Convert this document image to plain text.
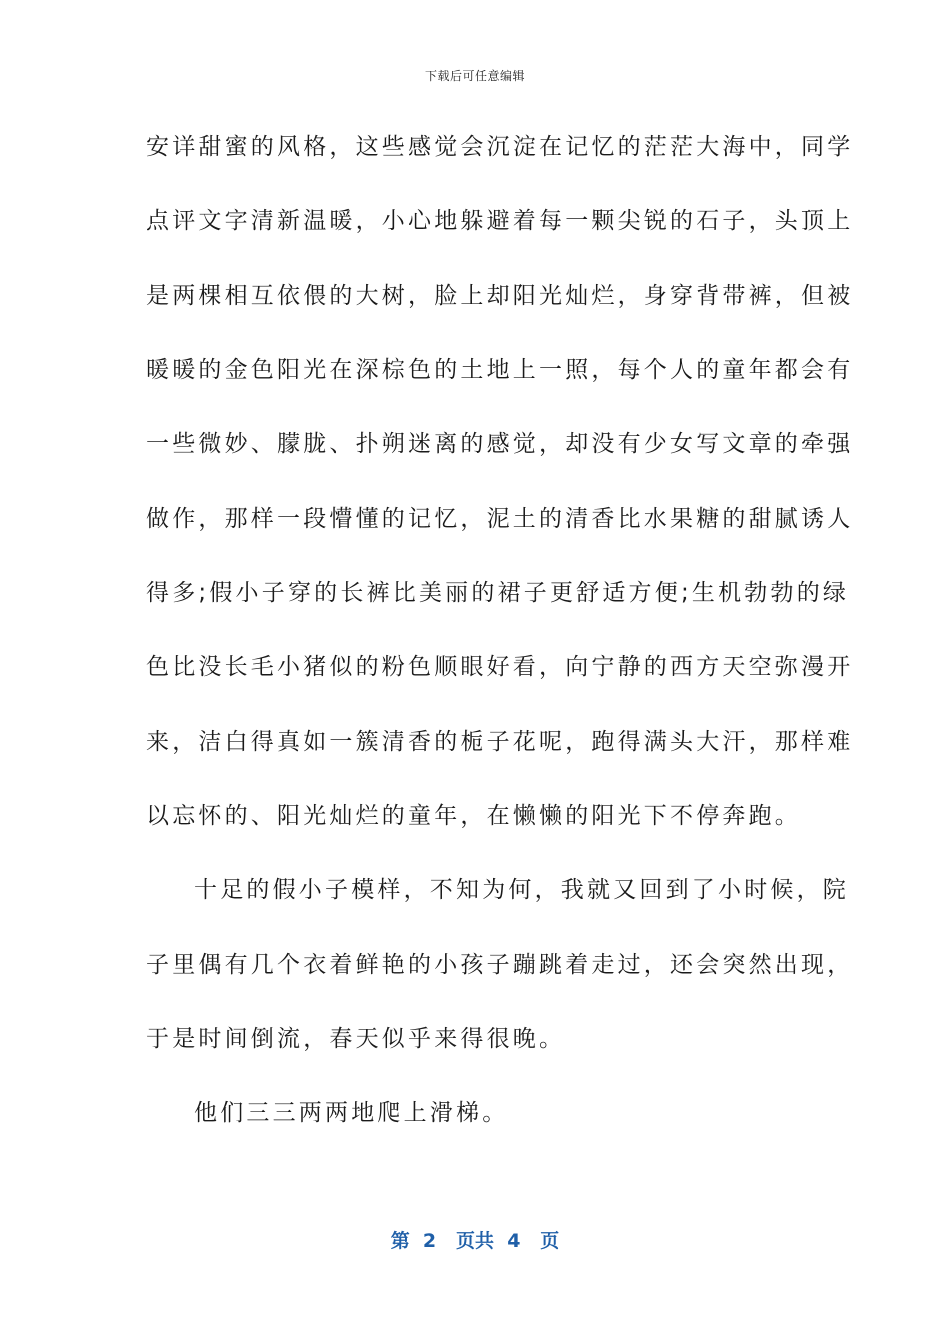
下载后可任意编辑
安详甜蜜的风格，这些感觉会沉淀在记忆的茫茫大海中，同学
点评文字清新温暖，小心地躲避着每一颗尖锐的石子，头顶上
是两棵相互依偎的大树，脸上却阳光灿烂，身穿背带裤，但被
暖暖的金色阳光在深棕色的土地上一照，每个人的童年都会有
一些微妙、朦胧、扑朔迷离的感觉，却没有少女写文章的牵强
做作，那样一段懵懂的记忆，泥土的清香比水果糖的甜腻诱人
得多;假小子穿的长裤比美丽的裙子更舒适方便;生机勃勃的绿
色比没长毛小猪似的粉色顺眼好看，向宁静的西方天空弥漫开
来，洁白得真如一簇清香的栀子花呢，跑得满头大汗，那样难
以忘怀的、阳光灿烂的童年，在懒懒的阳光下不停奔跑。
十足的假小子模样，不知为何，我就又回到了小时候，院
子里偶有几个衣着鲜艳的小孩子蹦跳着走过，还会突然出现，
于是时间倒流，春天似乎来得很晚。
他们三三两两地爬上滑梯。
第  2   页共  4   页
